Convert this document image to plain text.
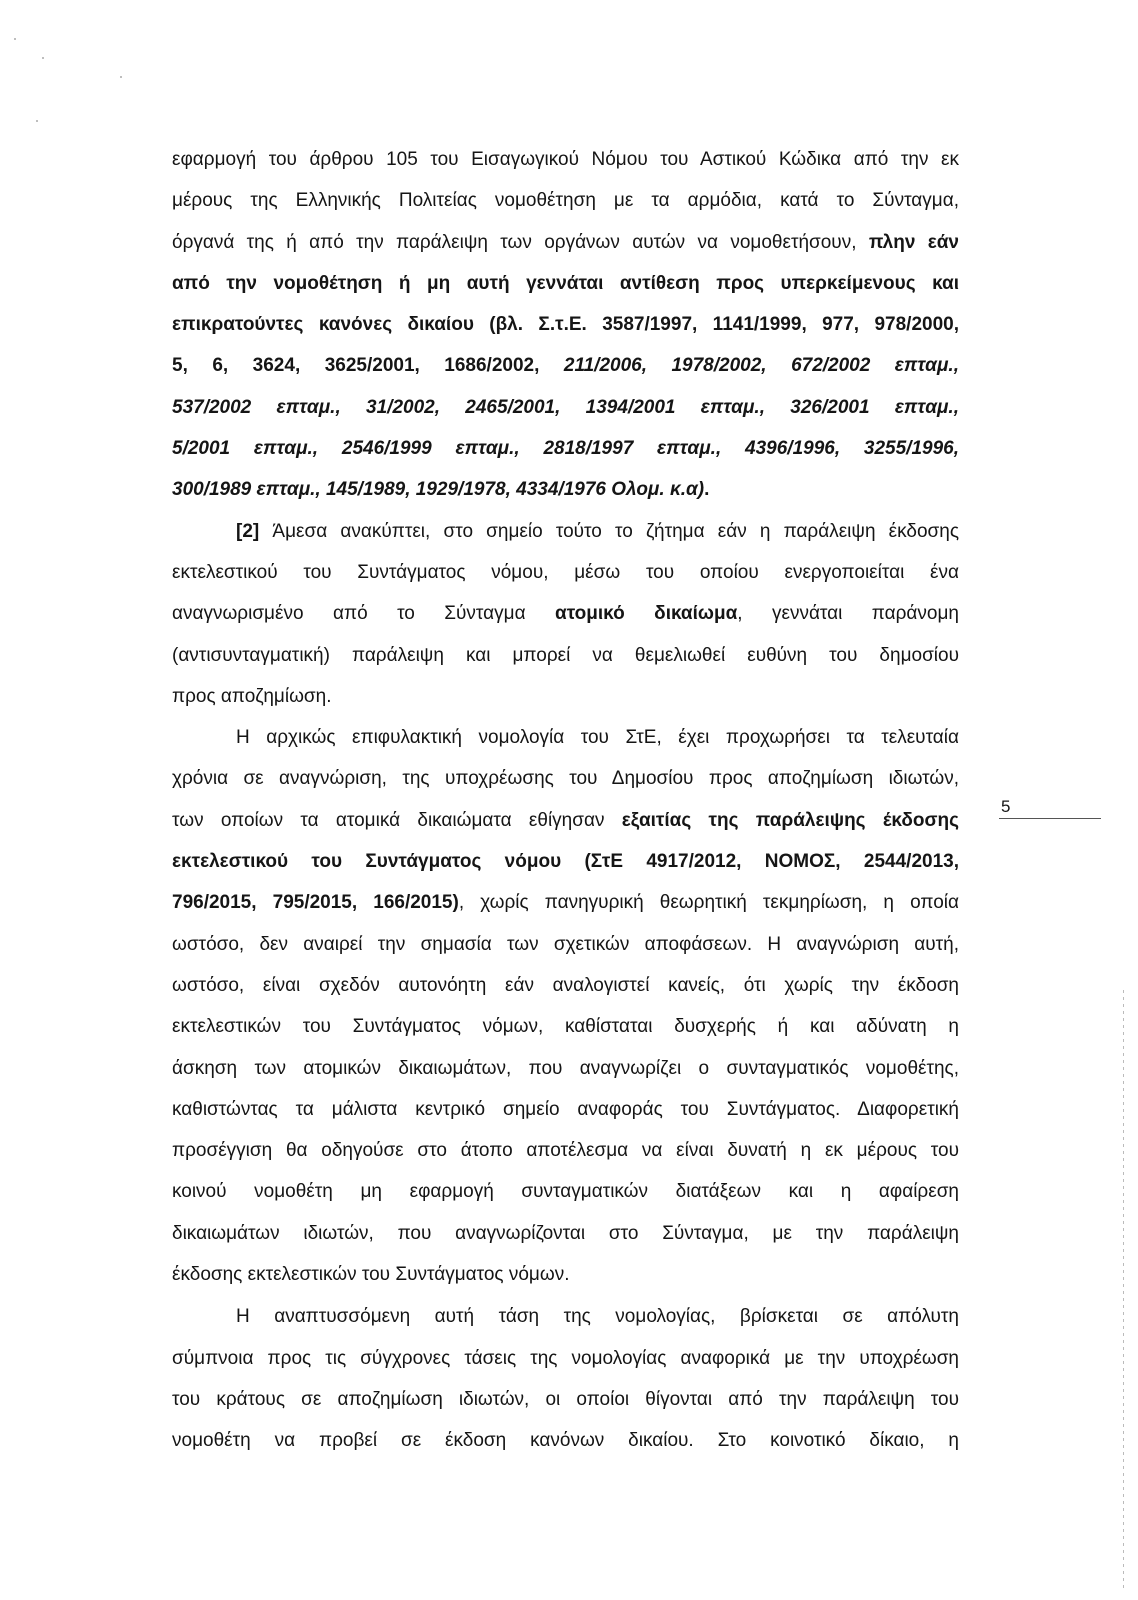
εφαρμογή του άρθρου 105 του Εισαγωγικού Νόμου του Αστικού Κώδικα από την εκ
μέρους της Ελληνικής Πολιτείας νομοθέτηση με τα αρμόδια, κατά το Σύνταγμα,
όργανά της ή από την παράλειψη των οργάνων αυτών να νομοθετήσουν, πλην εάν
από την νομοθέτηση ή μη αυτή γεννάται αντίθεση προς υπερκείμενους και
επικρατούντες κανόνες δικαίου (βλ. Σ.τ.Ε. 3587/1997, 1141/1999, 977, 978/2000,
5, 6, 3624, 3625/2001, 1686/2002, 211/2006, 1978/2002, 672/2002 επταμ.,
537/2002 επταμ., 31/2002, 2465/2001, 1394/2001 επταμ., 326/2001 επταμ.,
5/2001 επταμ., 2546/1999 επταμ., 2818/1997 επταμ., 4396/1996, 3255/1996,
300/1989 επταμ., 145/1989, 1929/1978, 4334/1976 Ολομ. κ.α).
[2] Άμεσα ανακύπτει, στο σημείο τούτο το ζήτημα εάν η παράλειψη έκδοσης
εκτελεστικού του Συντάγματος νόμου, μέσω του οποίου ενεργοποιείται ένα
αναγνωρισμένο από το Σύνταγμα ατομικό δικαίωμα, γεννάται παράνομη
(αντισυνταγματική) παράλειψη και μπορεί να θεμελιωθεί ευθύνη του δημοσίου
προς αποζημίωση.
Η αρχικώς επιφυλακτική νομολογία του ΣτΕ, έχει προχωρήσει τα τελευταία
χρόνια σε αναγνώριση, της υποχρέωσης του Δημοσίου προς αποζημίωση ιδιωτών,
των οποίων τα ατομικά δικαιώματα εθίγησαν εξαιτίας της παράλειψης έκδοσης
εκτελεστικού του Συντάγματος νόμου (ΣτΕ 4917/2012, ΝΟΜΟΣ, 2544/2013,
796/2015, 795/2015, 166/2015), χωρίς πανηγυρική θεωρητική τεκμηρίωση, η οποία
ωστόσο, δεν αναιρεί την σημασία των σχετικών αποφάσεων. Η αναγνώριση αυτή,
ωστόσο, είναι σχεδόν αυτονόητη εάν αναλογιστεί κανείς, ότι χωρίς την έκδοση
εκτελεστικών του Συντάγματος νόμων, καθίσταται δυσχερής ή και αδύνατη η
άσκηση των ατομικών δικαιωμάτων, που αναγνωρίζει ο συνταγματικός νομοθέτης,
καθιστώντας τα μάλιστα κεντρικό σημείο αναφοράς του Συντάγματος. Διαφορετική
προσέγγιση θα οδηγούσε στο άτοπο αποτέλεσμα να είναι δυνατή η εκ μέρους του
κοινού νομοθέτη μη εφαρμογή συνταγματικών διατάξεων και η αφαίρεση
δικαιωμάτων ιδιωτών, που αναγνωρίζονται στο Σύνταγμα, με την παράλειψη
έκδοσης εκτελεστικών του Συντάγματος νόμων.
Η αναπτυσσόμενη αυτή τάση της νομολογίας, βρίσκεται σε απόλυτη
σύμπνοια προς τις σύγχρονες τάσεις της νομολογίας αναφορικά με την υποχρέωση
του κράτους σε αποζημίωση ιδιωτών, οι οποίοι θίγονται από την παράλειψη του
νομοθέτη να προβεί σε έκδοση κανόνων δικαίου. Στο κοινοτικό δίκαιο, η
5
